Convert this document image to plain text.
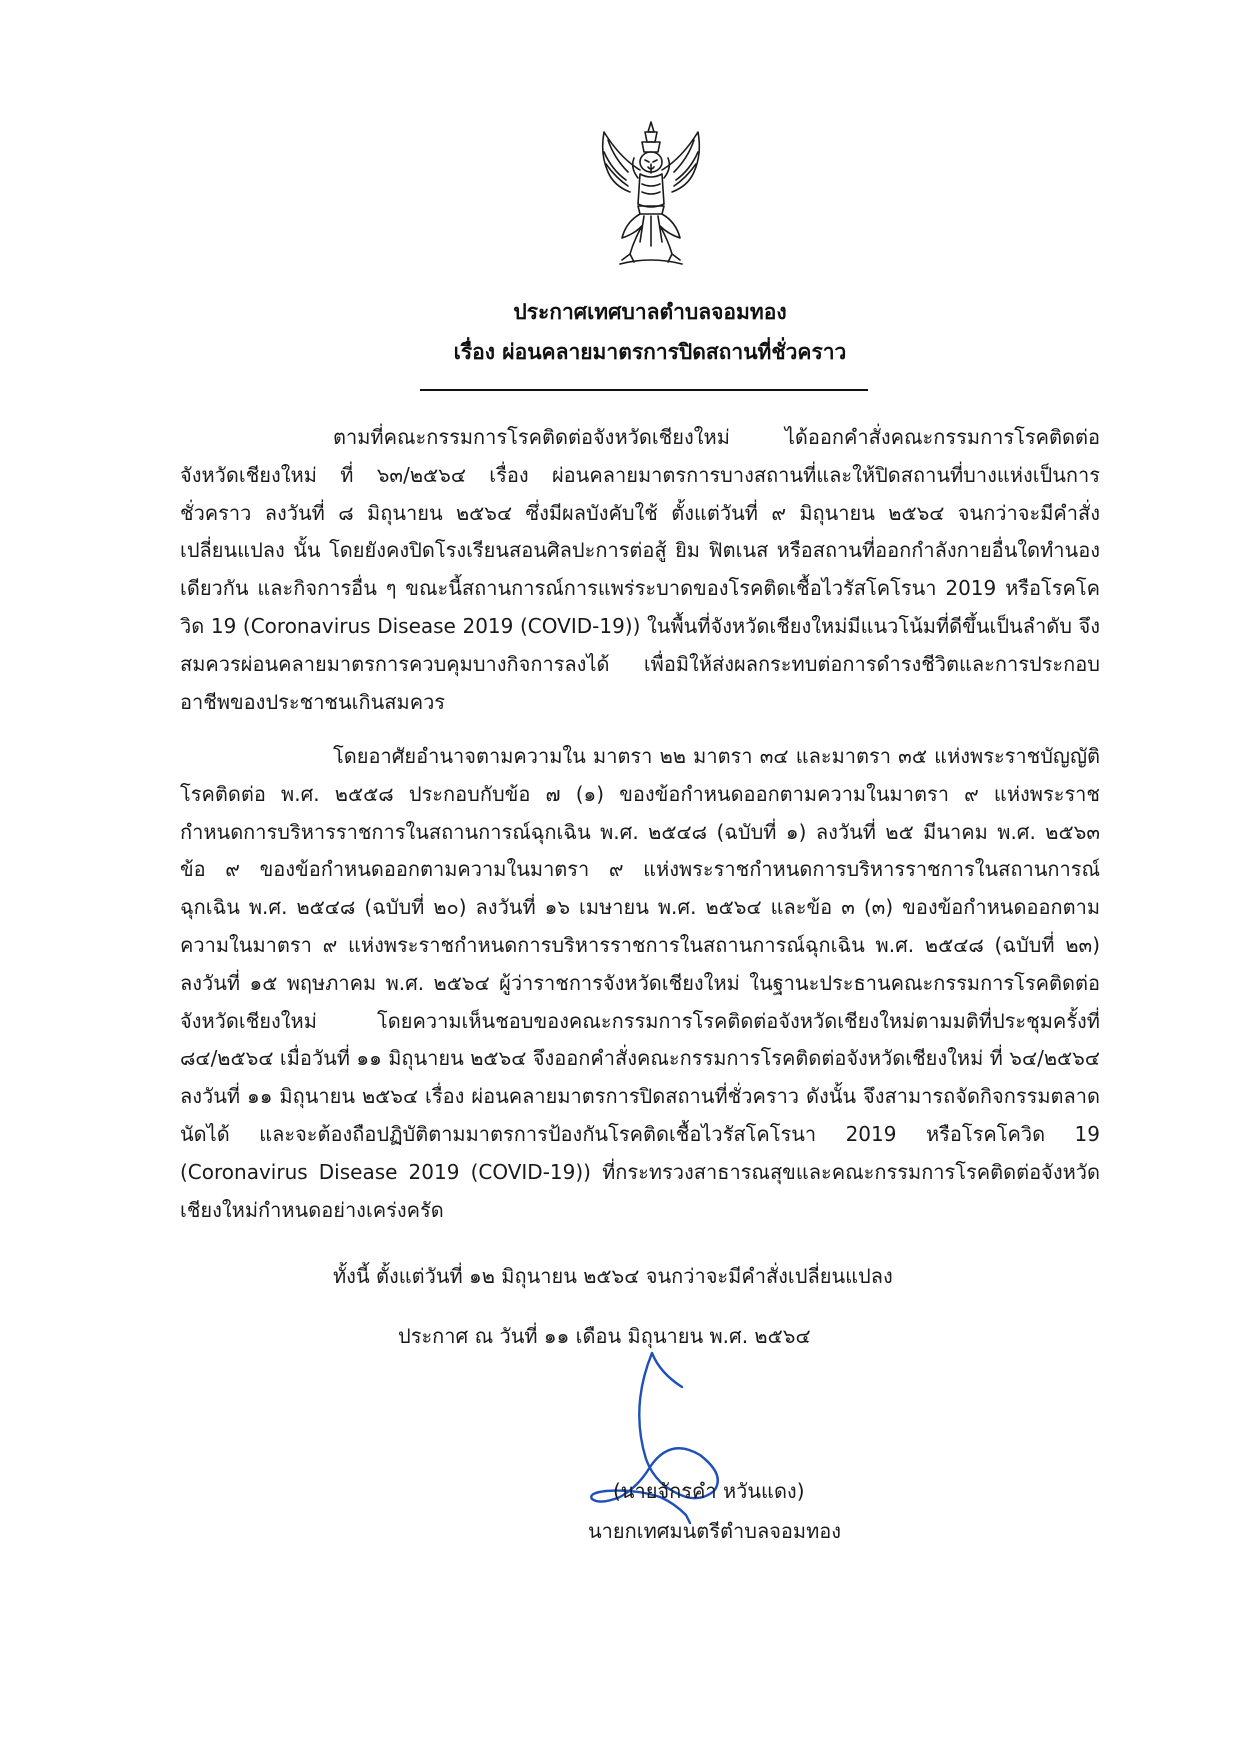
ประกาศเทศบาลตำบลจอมทอง
เรื่อง ผ่อนคลายมาตรการปิดสถานที่ชั่วคราว
ตามที่คณะกรรมการโรคติดต่อจังหวัดเชียงใหม่ ได้ออกคำสั่งคณะกรรมการโรคติดต่อจังหวัดเชียงใหม่ ที่ ๖๓/๒๕๖๔ เรื่อง ผ่อนคลายมาตรการบางสถานที่และให้ปิดสถานที่บางแห่งเป็นการชั่วคราว ลงวันที่ ๘ มิถุนายน ๒๕๖๔ ซึ่งมีผลบังคับใช้ ตั้งแต่วันที่ ๙ มิถุนายน ๒๕๖๔ จนกว่าจะมีคำสั่งเปลี่ยนแปลง นั้น โดยยังคงปิดโรงเรียนสอนศิลปะการต่อสู้ ยิม ฟิตเนส หรือสถานที่ออกกำลังกายอื่นใดทำนองเดียวกัน และกิจการอื่น ๆ ขณะนี้สถานการณ์การแพร่ระบาดของโรคติดเชื้อไวรัสโคโรนา 2019 หรือโรคโควิด 19 (Coronavirus Disease 2019 (COVID-19)) ในพื้นที่จังหวัดเชียงใหม่มีแนวโน้มที่ดีขึ้นเป็นลำดับ จึงสมควรผ่อนคลายมาตรการควบคุมบางกิจการลงได้ เพื่อมิให้ส่งผลกระทบต่อการดำรงชีวิตและการประกอบอาชีพของประชาชนเกินสมควร
โดยอาศัยอำนาจตามความใน มาตรา ๒๒ มาตรา ๓๔ และมาตรา ๓๕ แห่งพระราชบัญญัติโรคติดต่อ พ.ศ. ๒๕๕๘ ประกอบกับข้อ ๗ (๑) ของข้อกำหนดออกตามความในมาตรา ๙ แห่งพระราชกำหนดการบริหารราชการในสถานการณ์ฉุกเฉิน พ.ศ. ๒๕๔๘ (ฉบับที่ ๑) ลงวันที่ ๒๕ มีนาคม พ.ศ. ๒๕๖๓ ข้อ ๙ ของข้อกำหนดออกตามความในมาตรา ๙ แห่งพระราชกำหนดการบริหารราชการในสถานการณ์ฉุกเฉิน พ.ศ. ๒๕๔๘ (ฉบับที่ ๒๐) ลงวันที่ ๑๖ เมษายน พ.ศ. ๒๕๖๔ และข้อ ๓ (๓) ของข้อกำหนดออกตามความในมาตรา ๙ แห่งพระราชกำหนดการบริหารราชการในสถานการณ์ฉุกเฉิน พ.ศ. ๒๕๔๘ (ฉบับที่ ๒๓) ลงวันที่ ๑๕ พฤษภาคม พ.ศ. ๒๕๖๔ ผู้ว่าราชการจังหวัดเชียงใหม่ ในฐานะประธานคณะกรรมการโรคติดต่อจังหวัดเชียงใหม่ โดยความเห็นชอบของคณะกรรมการโรคติดต่อจังหวัดเชียงใหม่ตามมติที่ประชุมครั้งที่ ๘๔/๒๕๖๔ เมื่อวันที่ ๑๑ มิถุนายน ๒๕๖๔ จึงออกคำสั่งคณะกรรมการโรคติดต่อจังหวัดเชียงใหม่ ที่ ๖๔/๒๕๖๔ ลงวันที่ ๑๑ มิถุนายน ๒๕๖๔ เรื่อง ผ่อนคลายมาตรการปิดสถานที่ชั่วคราว ดังนั้น จึงสามารถจัดกิจกรรมตลาดนัดได้ และจะต้องถือปฏิบัติตามมาตรการป้องกันโรคติดเชื้อไวรัสโคโรนา 2019 หรือโรคโควิด 19 (Coronavirus Disease 2019 (COVID-19)) ที่กระทรวงสาธารณสุขและคณะกรรมการโรคติดต่อจังหวัดเชียงใหม่กำหนดอย่างเคร่งครัด
ทั้งนี้ ตั้งแต่วันที่ ๑๒ มิถุนายน ๒๕๖๔ จนกว่าจะมีคำสั่งเปลี่ยนแปลง
ประกาศ ณ วันที่ ๑๑ เดือน มิถุนายน พ.ศ. ๒๕๖๔
(นายจักรคำ หวันแดง)
นายกเทศมนตรีตำบลจอมทอง
